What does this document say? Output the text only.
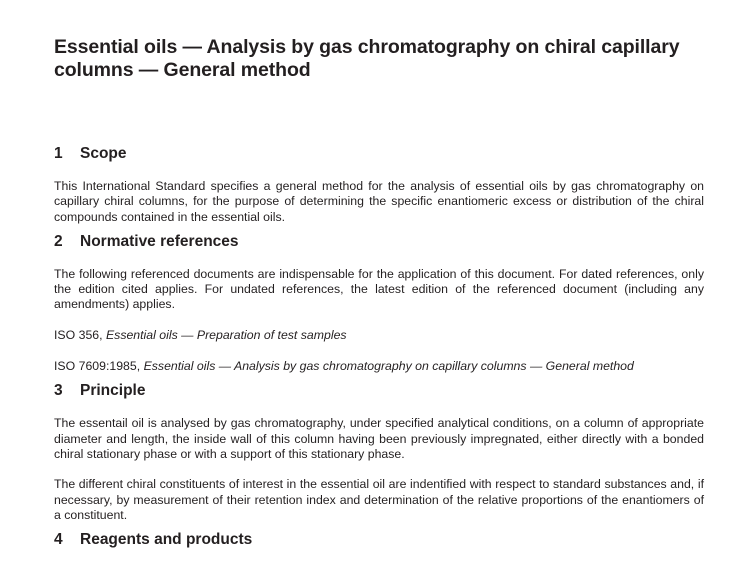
Essential oils — Analysis by gas chromatography on chiral capillary columns — General method
1	Scope

This International Standard specifies a general method for the analysis of essential oils by gas chromatography on capillary chiral columns, for the purpose of determining the specific enantiomeric excess or distribution of the chiral compounds contained in the essential oils.

2	Normative references

The following referenced documents are indispensable for the application of this document. For dated references, only the edition cited applies. For undated references, the latest edition of the referenced document (including any amendments) applies.

ISO 356, Essential oils — Preparation of test samples

ISO 7609:1985, Essential oils — Analysis by gas chromatography on capillary columns — General method

3	Principle

The essentail oil is analysed by gas chromatography, under specified analytical conditions, on a column of appropriate diameter and length, the inside wall of this column having been previously impregnated, either directly with a bonded chiral stationary phase or with a support of this stationary phase.

The different chiral constituents of interest in the essential oil are indentified with respect to standard substances and, if necessary, by measurement of their retention index and determination of the relative proportions of the enantiomers of a constituent.

4	Reagents and products
